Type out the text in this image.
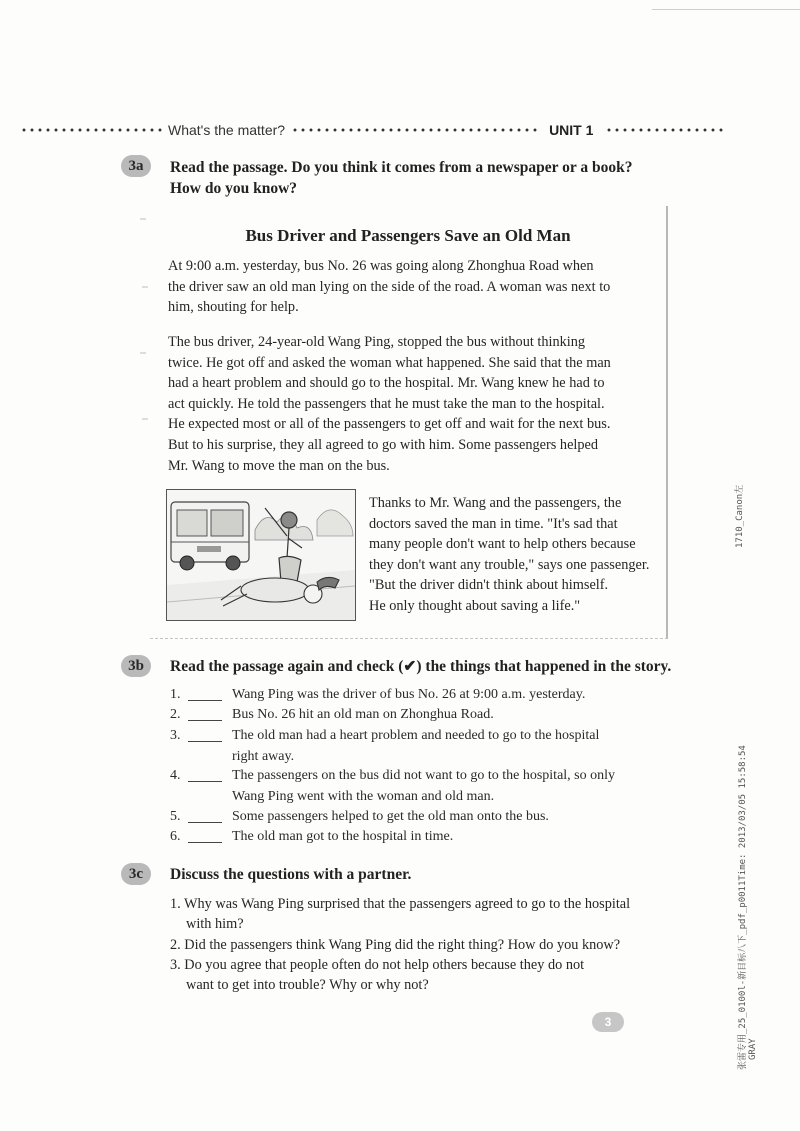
What's the matter?	UNIT 1
3a	Read the passage. Do you think it comes from a newspaper or a book?
How do you know?
Bus Driver and Passengers Save an Old Man
At 9:00 a.m. yesterday, bus No. 26 was going along Zhonghua Road when
the driver saw an old man lying on the side of the road. A woman was next to
him, shouting for help.
The bus driver, 24-year-old Wang Ping, stopped the bus without thinking
twice. He got off and asked the woman what happened. She said that the man
had a heart problem and should go to the hospital. Mr. Wang knew he had to
act quickly. He told the passengers that he must take the man to the hospital.
He expected most or all of the passengers to get off and wait for the next bus.
But to his surprise, they all agreed to go with him. Some passengers helped
Mr. Wang to move the man on the bus.
Thanks to Mr. Wang and the passengers, the
doctors saved the man in time. "It's sad that
many people don't want to help others because
they don't want any trouble," says one passenger.
"But the driver didn't think about himself.
He only thought about saving a life."
3b	Read the passage again and check (✔) the things that happened in the story.
1.	Wang Ping was the driver of bus No. 26 at 9:00 a.m. yesterday.
2.	Bus No. 26 hit an old man on Zhonghua Road.
3.	The old man had a heart problem and needed to go to the hospital
right away.
4.	The passengers on the bus did not want to go to the hospital, so only
Wang Ping went with the woman and old man.
5.	Some passengers helped to get the old man onto the bus.
6.	The old man got to the hospital in time.
3c	Discuss the questions with a partner.
1. Why was Wang Ping surprised that the passengers agreed to go to the hospital
with him?
2. Did the passengers think Wang Ping did the right thing? How do you know?
3. Do you agree that people often do not help others because they do not
want to get into trouble? Why or why not?
3
1710_Canon左
张雷专用_25_0100l-新目标八下_pdf_p0011Time: 2013/03/05 15:58:54 GRAY
